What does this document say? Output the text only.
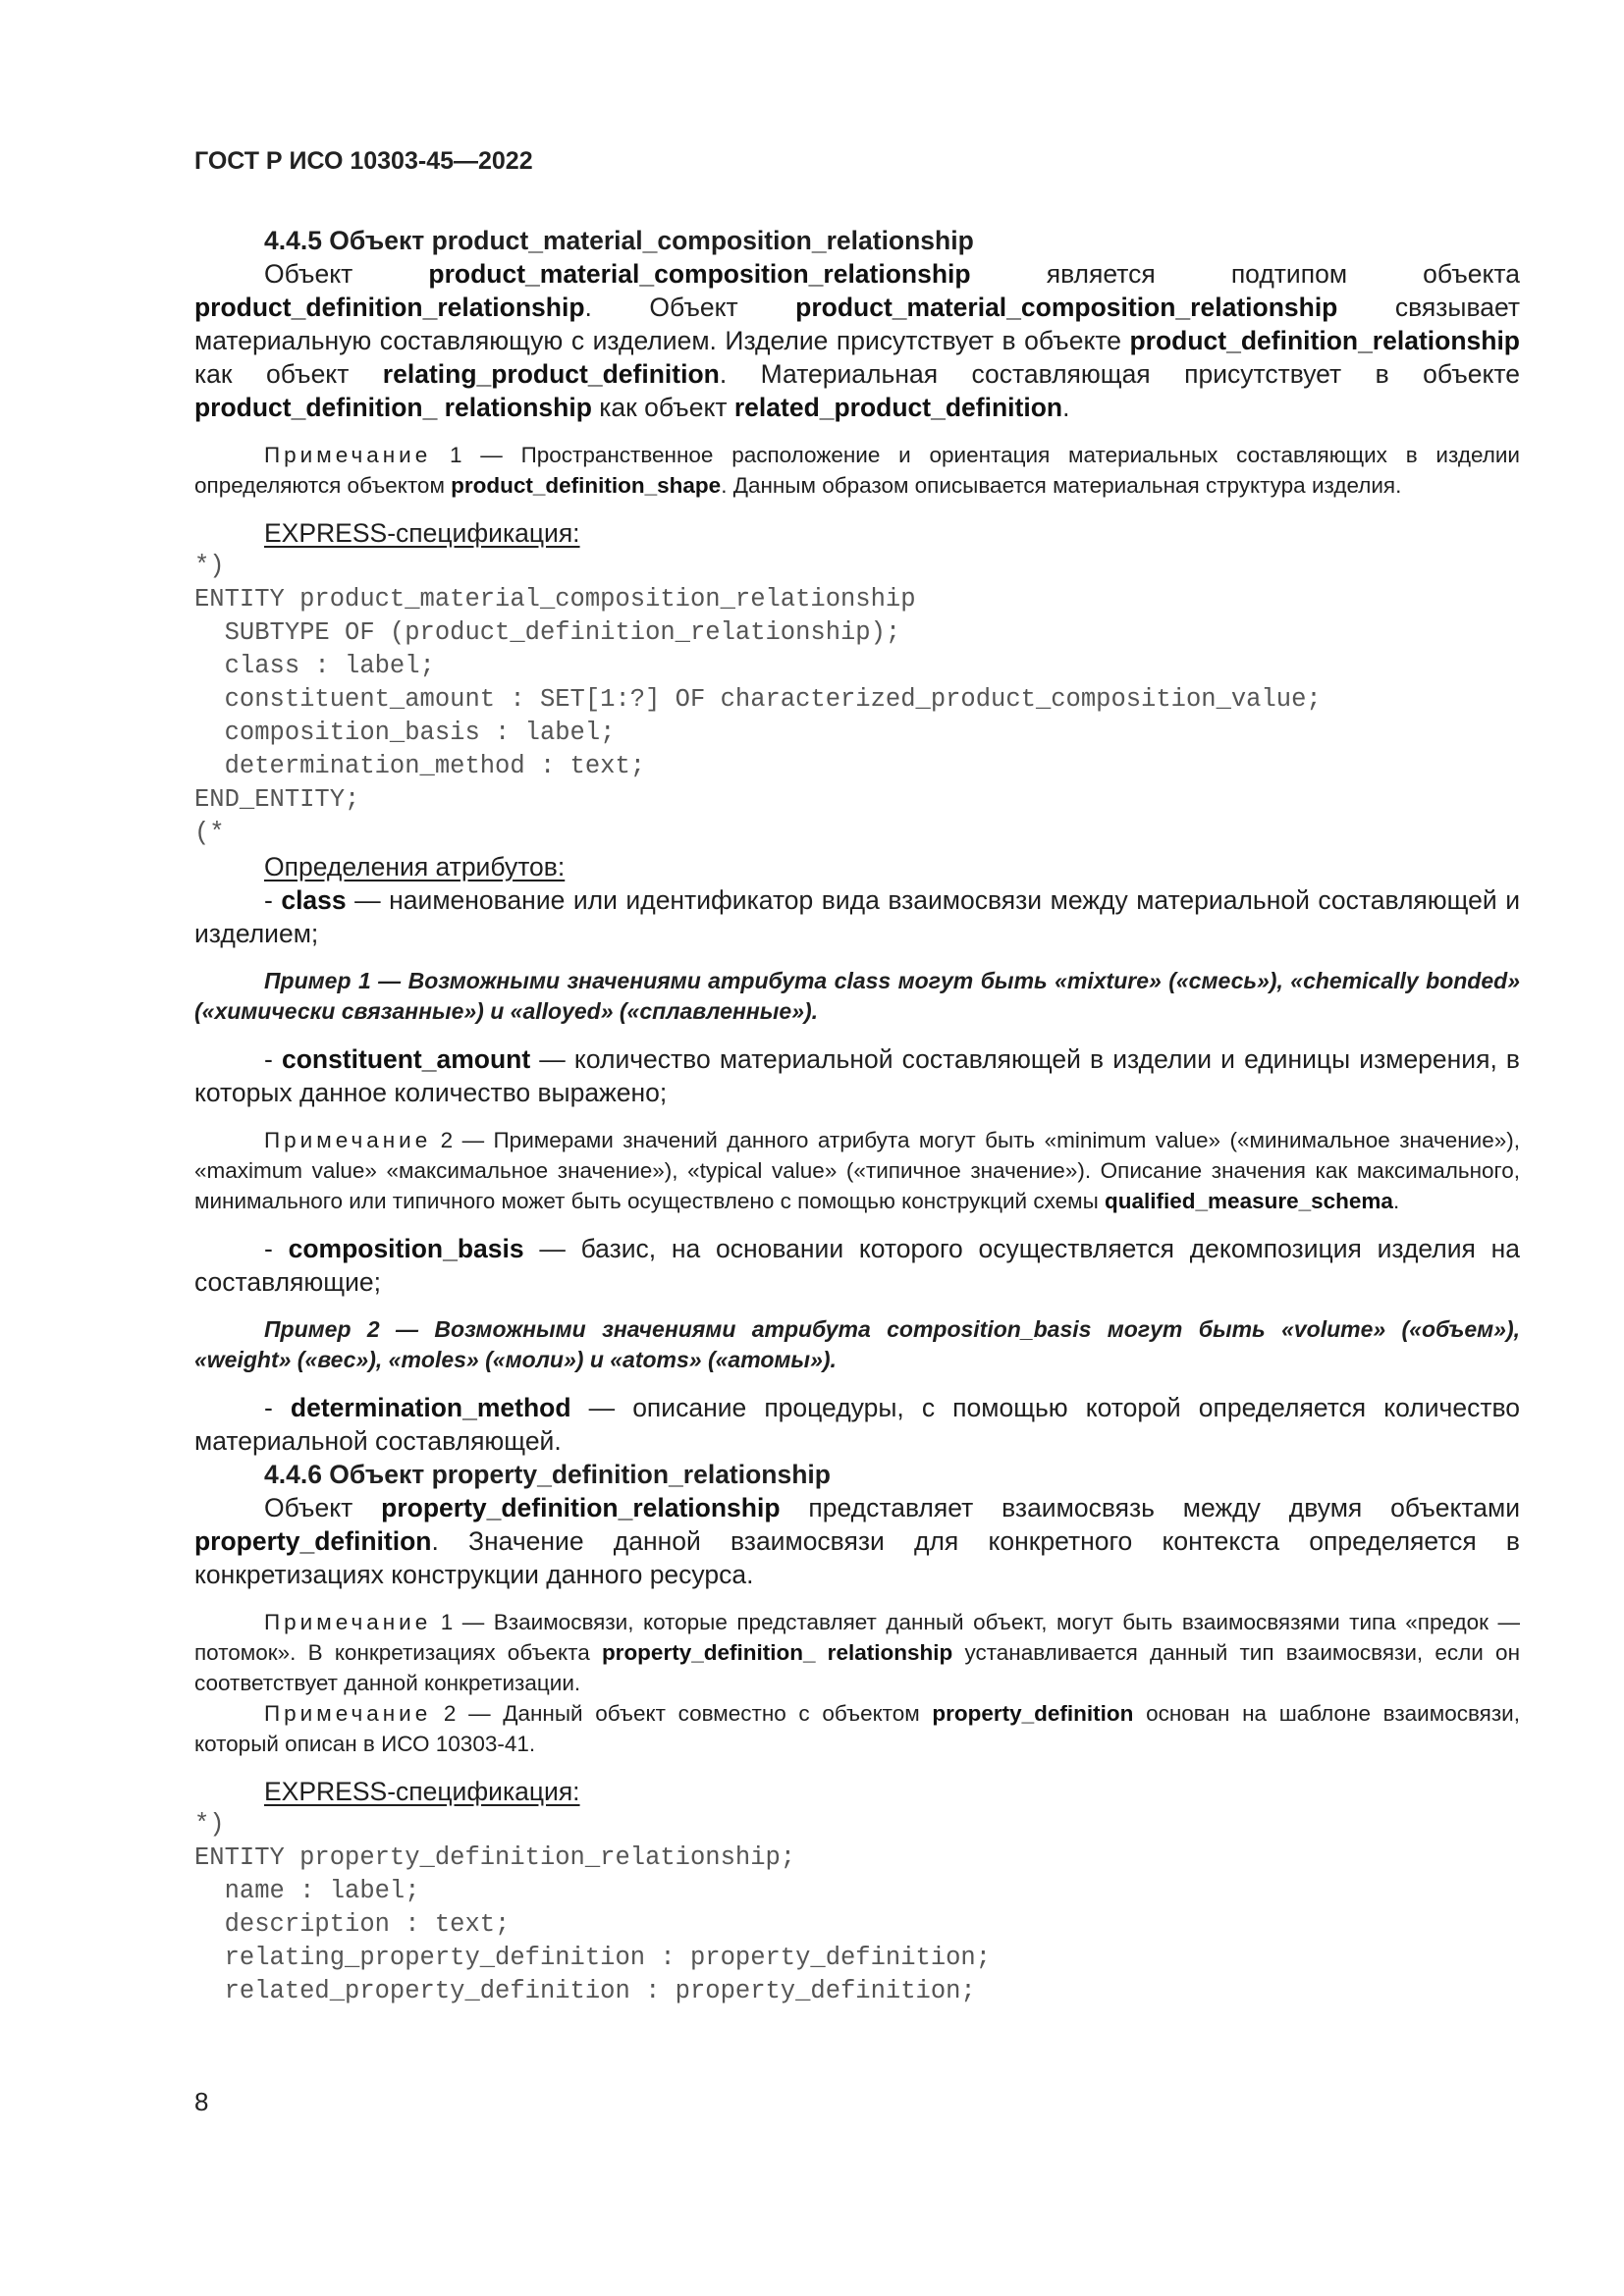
ГОСТ Р ИСО 10303-45—2022

4.4.5 Объект product_material_composition_relationship

Объект product_material_composition_relationship является подтипом объекта product_definition_relationship. Объект product_material_composition_relationship связывает материальную составляющую с изделием. Изделие присутствует в объекте product_definition_relationship как объект relating_product_definition. Материальная составляющая присутствует в объекте product_definition_ relationship как объект related_product_definition.

Примечание 1 — Пространственное расположение и ориентация материальных составляющих в изделии определяются объектом product_definition_shape. Данным образом описывается материальная структура изделия.

EXPRESS-спецификация:

*)
ENTITY product_material_composition_relationship
SUBTYPE OF (product_definition_relationship);
class : label;
constituent_amount : SET[1:?] OF characterized_product_composition_value;
composition_basis : label;
determination_method : text;
END_ENTITY;
(*

Определения атрибутов:

- class — наименование или идентификатор вида взаимосвязи между материальной составляющей и изделием;

Пример 1 — Возможными значениями атрибута class могут быть «mixture» («смесь»), «chemically bonded» («химически связанные») и «alloyed» («сплавленные»).

- constituent_amount — количество материальной составляющей в изделии и единицы измерения, в которых данное количество выражено;

Примечание 2 — Примерами значений данного атрибута могут быть «minimum value» («минимальное значение»), «maximum value» «максимальное значение»), «typical value» («типичное значение»). Описание значения как максимального, минимального или типичного может быть осуществлено с помощью конструкций схемы qualified_measure_schema.

- composition_basis — базис, на основании которого осуществляется декомпозиция изделия на составляющие;

Пример 2 — Возможными значениями атрибута composition_basis могут быть «volume» («объем»), «weight» («вес»), «moles» («моли») и «atoms» («атомы»).

- determination_method — описание процедуры, с помощью которой определяется количество материальной составляющей.

4.4.6 Объект property_definition_relationship

Объект property_definition_relationship представляет взаимосвязь между двумя объектами property_definition. Значение данной взаимосвязи для конкретного контекста определяется в конкретизациях конструкции данного ресурса.

Примечание 1 — Взаимосвязи, которые представляет данный объект, могут быть взаимосвязями типа «предок — потомок». В конкретизациях объекта property_definition_ relationship устанавливается данный тип взаимосвязи, если он соответствует данной конкретизации.

Примечание 2 — Данный объект совместно с объектом property_definition основан на шаблоне взаимосвязи, который описан в ИСО 10303-41.

EXPRESS-спецификация:

*)
ENTITY property_definition_relationship;
name : label;
description : text;
relating_property_definition : property_definition;
related_property_definition : property_definition;
8
